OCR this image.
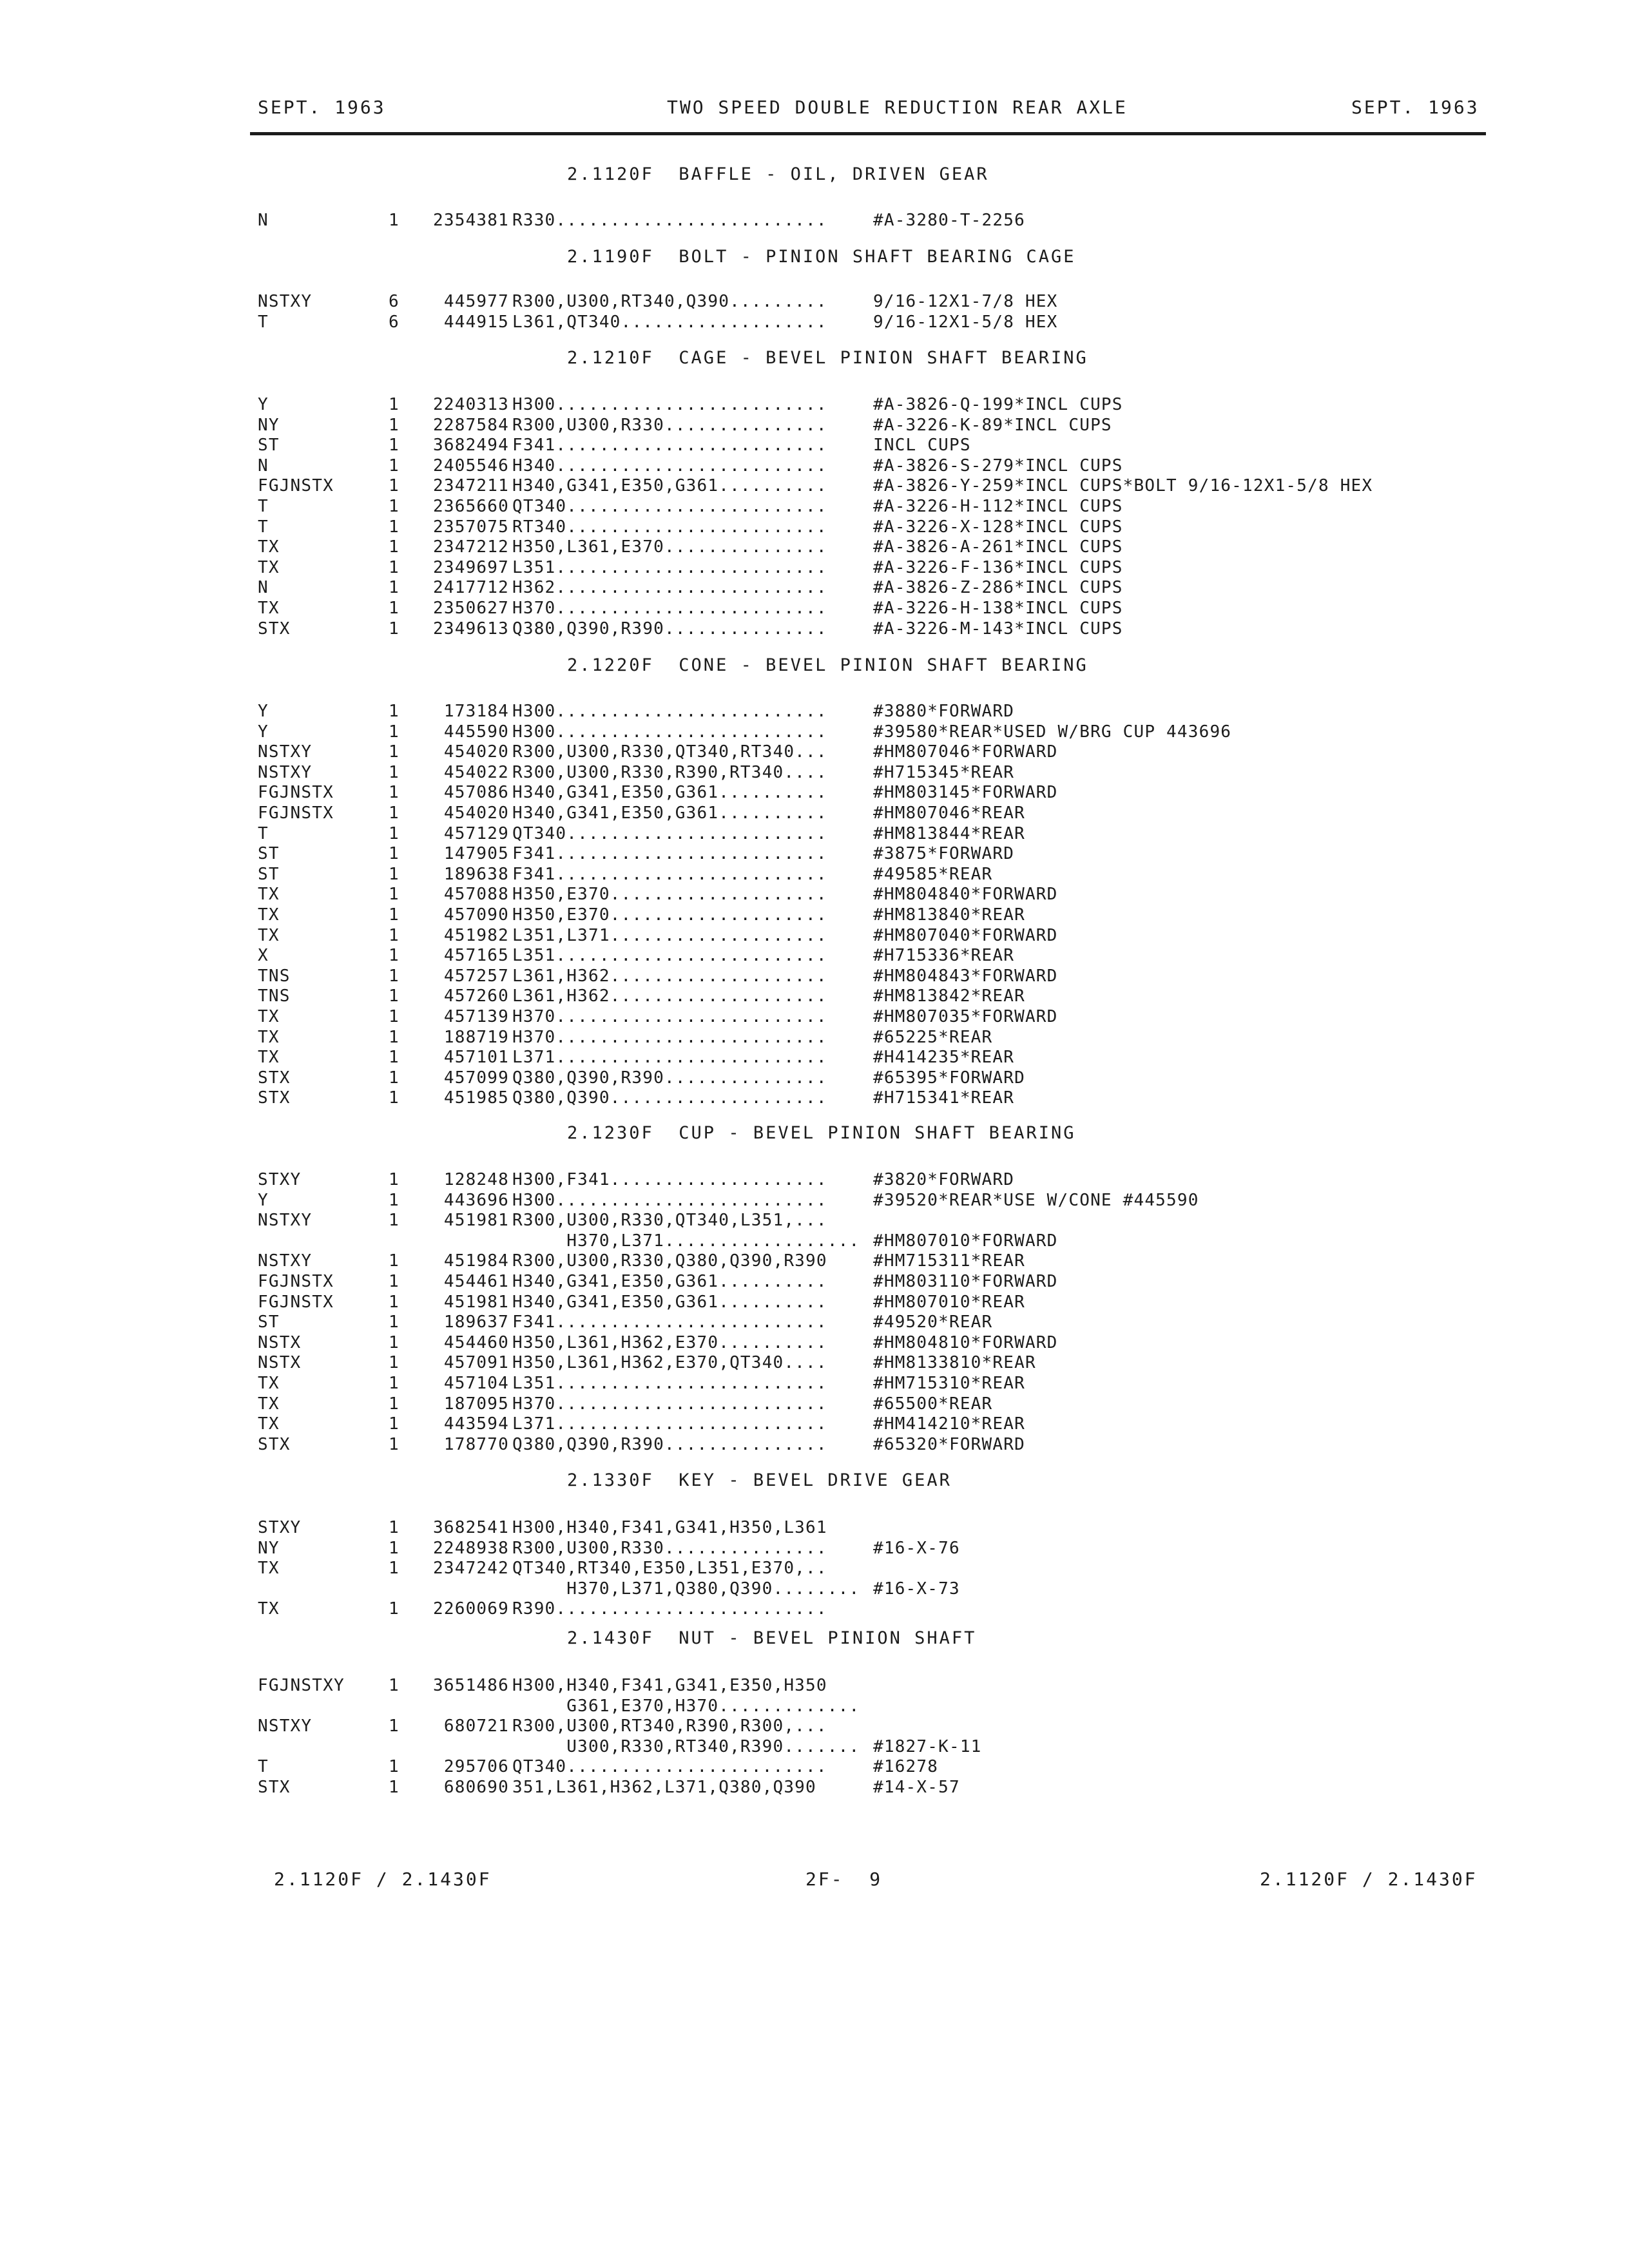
SEPT. 1963	TWO SPEED DOUBLE REDUCTION REAR AXLE	SEPT. 1963
2.1120F  BAFFLE - OIL, DRIVEN GEAR
N	1	2354381 R330.........................	#A-3280-T-2256
2.1190F  BOLT - PINION SHAFT BEARING CAGE
NSTXY	6	445977 R300,U300,RT340,Q390.........	9/16-12X1-7/8 HEX
T	6	444915 L361,QT340...................	9/16-12X1-5/8 HEX
2.1210F  CAGE - BEVEL PINION SHAFT BEARING
Y	1	2240313 H300.........................	#A-3826-Q-199*INCL CUPS
NY	1	2287584 R300,U300,R330...............	#A-3226-K-89*INCL CUPS
ST	1	3682494 F341.........................	INCL CUPS
N	1	2405546 H340.........................	#A-3826-S-279*INCL CUPS
FGJNSTX	1	2347211 H340,G341,E350,G361..........	#A-3826-Y-259*INCL CUPS*BOLT 9/16-12X1-5/8 HEX
T	1	2365660 QT340........................	#A-3226-H-112*INCL CUPS
T	1	2357075 RT340........................	#A-3226-X-128*INCL CUPS
TX	1	2347212 H350,L361,E370...............	#A-3826-A-261*INCL CUPS
TX	1	2349697 L351.........................	#A-3226-F-136*INCL CUPS
N	1	2417712 H362.........................	#A-3826-Z-286*INCL CUPS
TX	1	2350627 H370.........................	#A-3226-H-138*INCL CUPS
STX	1	2349613 Q380,Q390,R390...............	#A-3226-M-143*INCL CUPS
2.1220F  CONE - BEVEL PINION SHAFT BEARING
Y	1	173184 H300.........................	#3880*FORWARD
Y	1	445590 H300.........................	#39580*REAR*USED W/BRG CUP 443696
NSTXY	1	454020 R300,U300,R330,QT340,RT340...	#HM807046*FORWARD
NSTXY	1	454022 R300,U300,R330,R390,RT340....	#H715345*REAR
FGJNSTX	1	457086 H340,G341,E350,G361..........	#HM803145*FORWARD
FGJNSTX	1	454020 H340,G341,E350,G361..........	#HM807046*REAR
T	1	457129 QT340........................	#HM813844*REAR
ST	1	147905 F341.........................	#3875*FORWARD
ST	1	189638 F341.........................	#49585*REAR
TX	1	457088 H350,E370....................	#HM804840*FORWARD
TX	1	457090 H350,E370....................	#HM813840*REAR
TX	1	451982 L351,L371....................	#HM807040*FORWARD
X	1	457165 L351.........................	#H715336*REAR
TNS	1	457257 L361,H362....................	#HM804843*FORWARD
TNS	1	457260 L361,H362....................	#HM813842*REAR
TX	1	457139 H370.........................	#HM807035*FORWARD
TX	1	188719 H370.........................	#65225*REAR
TX	1	457101 L371.........................	#H414235*REAR
STX	1	457099 Q380,Q390,R390...............	#65395*FORWARD
STX	1	451985 Q380,Q390....................	#H715341*REAR
2.1230F  CUP - BEVEL PINION SHAFT BEARING
STXY	1	128248 H300,F341....................	#3820*FORWARD
Y	1	443696 H300.........................	#39520*REAR*USE W/CONE #445590
NSTXY	1	451981 R300,U300,R330,QT340,L351,...
H370,L371.................. #HM807010*FORWARD
NSTXY	1	451984 R300,U300,R330,Q380,Q390,R390	#HM715311*REAR
FGJNSTX	1	454461 H340,G341,E350,G361..........	#HM803110*FORWARD
FGJNSTX	1	451981 H340,G341,E350,G361..........	#HM807010*REAR
ST	1	189637 F341.........................	#49520*REAR
NSTX	1	454460 H350,L361,H362,E370..........	#HM804810*FORWARD
NSTX	1	457091 H350,L361,H362,E370,QT340....	#HM8133810*REAR
TX	1	457104 L351.........................	#HM715310*REAR
TX	1	187095 H370.........................	#65500*REAR
TX	1	443594 L371.........................	#HM414210*REAR
STX	1	178770 Q380,Q390,R390...............	#65320*FORWARD
2.1330F  KEY - BEVEL DRIVE GEAR
STXY	1	3682541 H300,H340,F341,G341,H350,L361
NY	1	2248938 R300,U300,R330...............	#16-X-76
TX	1	2347242 QT340,RT340,E350,L351,E370,..
H370,L371,Q380,Q390........ #16-X-73
TX	1	2260069 R390.........................
2.1430F  NUT - BEVEL PINION SHAFT
FGJNSTXY	1	3651486 H300,H340,F341,G341,E350,H350
G361,E370,H370.............
NSTXY	1	680721 R300,U300,RT340,R390,R300,...
U300,R330,RT340,R390....... #1827-K-11
T	1	295706 QT340........................	#16278
STX	1	680690 351,L361,H362,L371,Q380,Q390	#14-X-57
2.1120F / 2.1430F	2F-  9	2.1120F / 2.1430F
